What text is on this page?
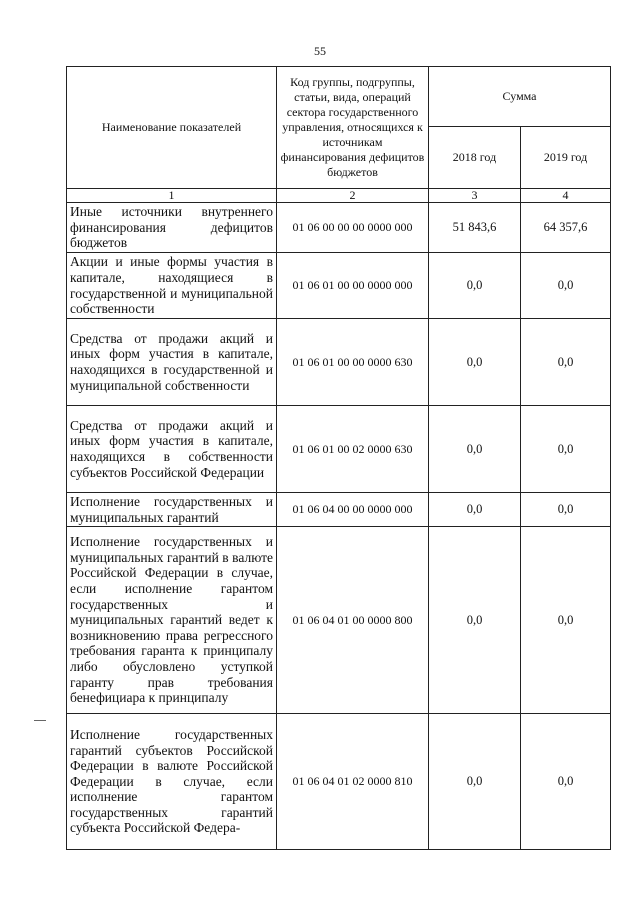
55
Наименование показателей	Код группы, подгруппы, статьи, вида, операций сектора государственного управления, относящихся к источникам финансирования дефицитов бюджетов	Сумма	
		2018 год	2019 год
1	2	3	4
Иные источники внутреннего финансирования дефицитов бюджетов	01 06 00 00 00 0000 000	51 843,6	64 357,6
Акции и иные формы участия в капитале, находящиеся в государственной и муниципальной собственности	01 06 01 00 00 0000 000	0,0	0,0
Средства от продажи акций и иных форм участия в капитале, находящихся в государственной и муниципальной собственности	01 06 01 00 00 0000 630	0,0	0,0
Средства от продажи акций и иных форм участия в капитале, находящихся в собственности субъектов Российской Федерации	01 06 01 00 02 0000 630	0,0	0,0
Исполнение государственных и муниципальных гарантий	01 06 04 00 00 0000 000	0,0	0,0
Исполнение государственных и муниципальных гарантий в валюте Российской Федерации в случае, если исполнение гарантом государственных и муниципальных гарантий ведет к возникновению права регрессного требования гаранта к принципалу либо обусловлено уступкой гаранту прав требования бенефициара к принципалу	01 06 04 01 00 0000 800	0,0	0,0
Исполнение государственных гарантий субъектов Российской Федерации в валюте Российской Федерации в случае, если исполнение гарантом государственных гарантий субъекта Российской Федера-	01 06 04 01 02 0000 810	0,0	0,0
